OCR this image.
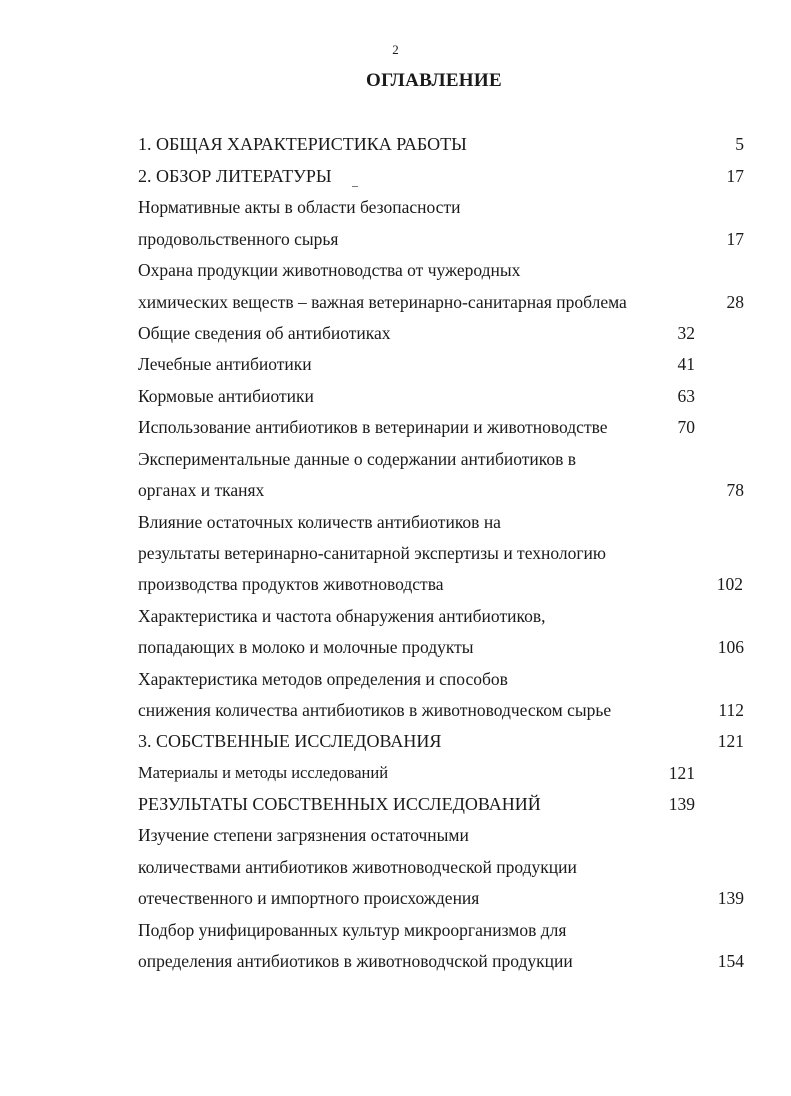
2
ОГЛАВЛЕНИЕ
1. ОБЩАЯ ХАРАКТЕРИСТИКА РАБОТЫ	5
2. ОБЗОР ЛИТЕРАТУРЫ	17
Нормативные акты в области безопасности
продовольственного сырья	17
Охрана продукции животноводства от чужеродных
химических веществ – важная ветеринарно-санитарная проблема	28
Общие сведения об антибиотиках	32
Лечебные антибиотики	41
Кормовые антибиотики	63
Использование антибиотиков в ветеринарии и животноводстве	70
Экспериментальные данные о содержании антибиотиков в
органах и тканях	78
Влияние остаточных количеств антибиотиков на
результаты ветеринарно-санитарной экспертизы и технологию
производства продуктов животноводства	102
Характеристика и частота обнаружения антибиотиков,
попадающих в молоко и молочные продукты	106
Характеристика методов определения и способов
снижения количества антибиотиков в животноводческом сырье	112
3. СОБСТВЕННЫЕ ИССЛЕДОВАНИЯ	121
Материалы и методы исследований	121
РЕЗУЛЬТАТЫ СОБСТВЕННЫХ ИССЛЕДОВАНИЙ	139
Изучение степени загрязнения остаточными
количествами антибиотиков животноводческой продукции
отечественного и импортного происхождения	139
Подбор унифицированных культур микроорганизмов для
определения антибиотиков в животноводчской продукции	154
